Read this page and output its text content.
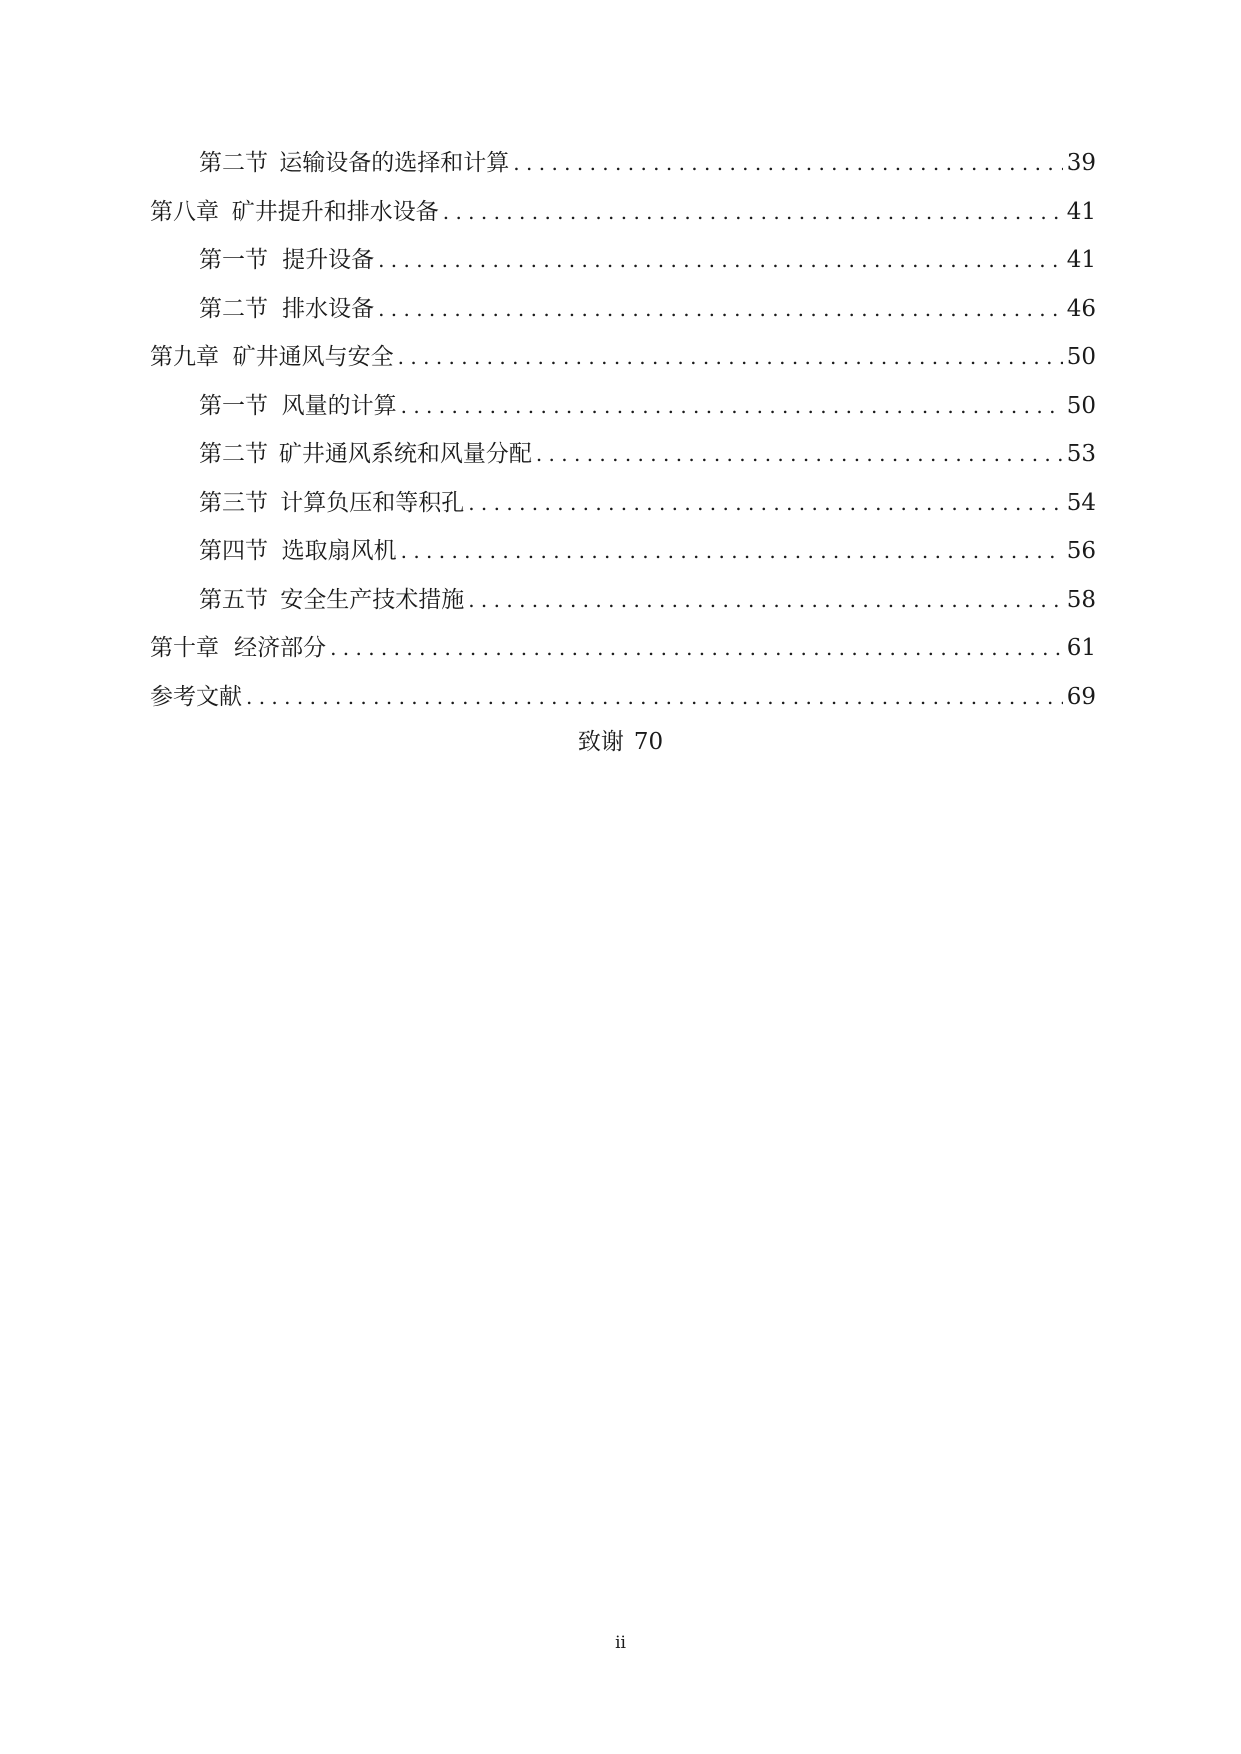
第二节 运输设备的选择和计算 . . .	39
第八章 矿井提升和排水设备 . . .	41
第一节 提升设备 . . .	41
第二节 排水设备 . . .	46
第九章 矿井通风与安全 . . .	50
第一节 风量的计算 . . .	50
第二节 矿井通风系统和风量分配 . . .	53
第三节 计算负压和等积孔 . . .	54
第四节 选取扇风机 . . .	56
第五节 安全生产技术措施 . . .	58
第十章 经济部分 . . .	61
参考文献 . . .	69
致谢 70
ii
